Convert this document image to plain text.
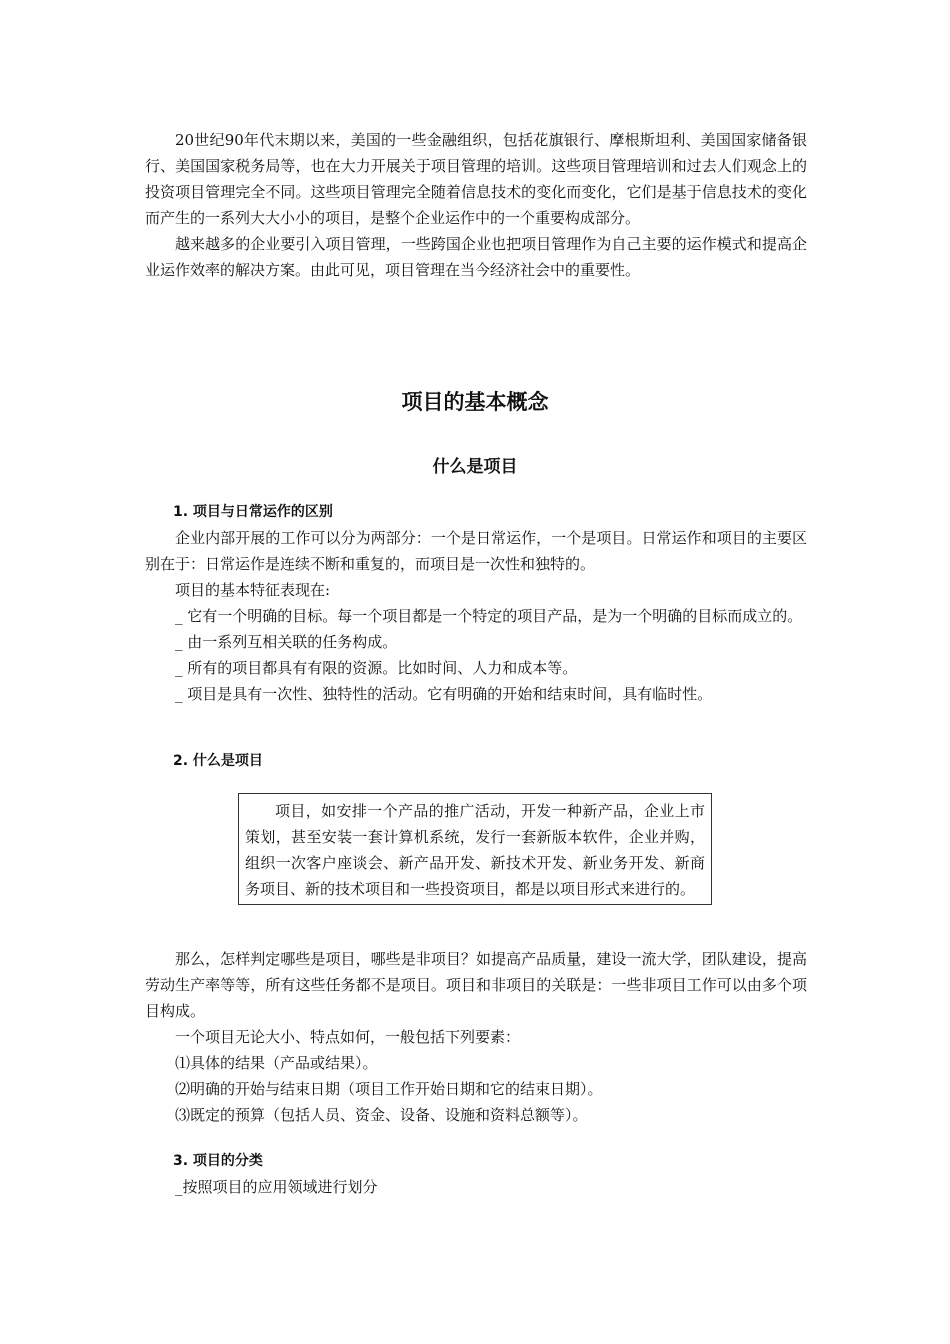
20世纪90年代末期以来，美国的一些金融组织，包括花旗银行、摩根斯坦利、美国国家储备银行、美国国家税务局等，也在大力开展关于项目管理的培训。这些项目管理培训和过去人们观念上的投资项目管理完全不同。这些项目管理完全随着信息技术的变化而变化，它们是基于信息技术的变化而产生的一系列大大小小的项目，是整个企业运作中的一个重要构成部分。

越来越多的企业要引入项目管理，一些跨国企业也把项目管理作为自己主要的运作模式和提高企业运作效率的解决方案。由此可见，项目管理在当今经济社会中的重要性。

项目的基本概念
什么是项目

1. 项目与日常运作的区别

企业内部开展的工作可以分为两部分：一个是日常运作，一个是项目。日常运作和项目的主要区别在于：日常运作是连续不断和重复的，而项目是一次性和独特的。

项目的基本特征表现在:

_ 它有一个明确的目标。每一个项目都是一个特定的项目产品，是为一个明确的目标而成立的。

_ 由一系列互相关联的任务构成。

_ 所有的项目都具有有限的资源。比如时间、人力和成本等。

_ 项目是具有一次性、独特性的活动。它有明确的开始和结束时间，具有临时性。

2. 什么是项目

项目，如安排一个产品的推广活动，开发一种新产品，企业上市策划，甚至安装一套计算机系统，发行一套新版本软件，企业并购，组织一次客户座谈会、新产品开发、新技术开发、新业务开发、新商务项目、新的技术项目和一些投资项目，都是以项目形式来进行的。

那么，怎样判定哪些是项目，哪些是非项目？如提高产品质量，建设一流大学，团队建设，提高劳动生产率等等，所有这些任务都不是项目。项目和非项目的关联是：一些非项目工作可以由多个项目构成。

一个项目无论大小、特点如何，一般包括下列要素：

⑴具体的结果（产品或结果）。

⑵明确的开始与结束日期（项目工作开始日期和它的结束日期）。

⑶既定的预算（包括人员、资金、设备、设施和资料总额等）。

3. 项目的分类

_按照项目的应用领域进行划分
